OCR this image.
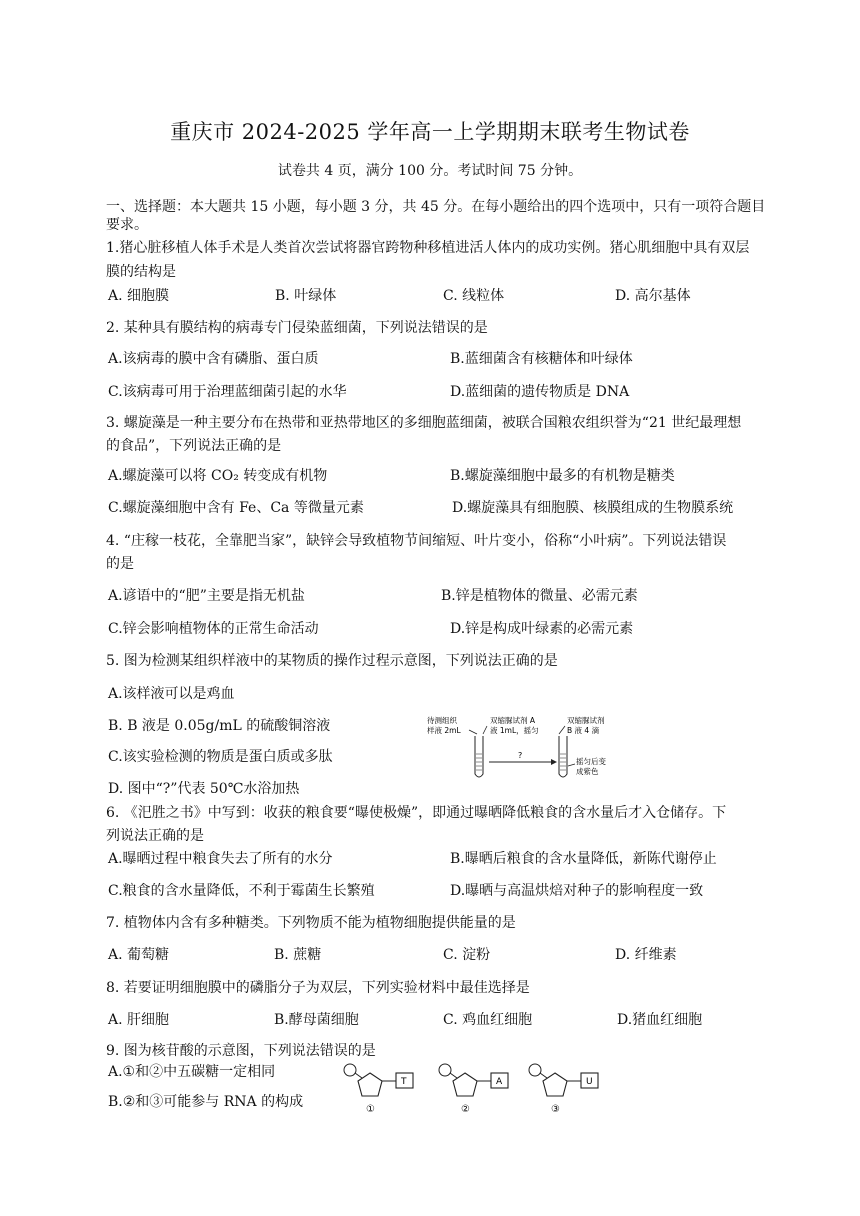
重庆市 2024-2025 学年高一上学期期末联考生物试卷
试卷共 4 页，满分 100 分。考试时间 75 分钟。
一、选择题：本大题共 15 小题，每小题 3 分，共 45 分。在每小题给出的四个选项中，只有一项符合题目
要求。
1.猪心脏移植人体手术是人类首次尝试将器官跨物种移植进活人体内的成功实例。猪心肌细胞中具有双层
膜的结构是
A. 细胞膜	B. 叶绿体	C. 线粒体	D. 高尔基体
2. 某种具有膜结构的病毒专门侵染蓝细菌，下列说法错误的是
A.该病毒的膜中含有磷脂、蛋白质	B.蓝细菌含有核糖体和叶绿体
C.该病毒可用于治理蓝细菌引起的水华	D.蓝细菌的遗传物质是 DNA
3. 螺旋藻是一种主要分布在热带和亚热带地区的多细胞蓝细菌，被联合国粮农组织誉为“21 世纪最理想
的食品”，下列说法正确的是
A.螺旋藻可以将 CO₂ 转变成有机物	B.螺旋藻细胞中最多的有机物是糖类
C.螺旋藻细胞中含有 Fe、Ca 等微量元素	D.螺旋藻具有细胞膜、核膜组成的生物膜系统
4. “庄稼一枝花，全靠肥当家”，缺锌会导致植物节间缩短、叶片变小，俗称“小叶病”。下列说法错误
的是
A.谚语中的“肥”主要是指无机盐	B.锌是植物体的微量、必需元素
C.锌会影响植物体的正常生命活动	D.锌是构成叶绿素的必需元素
5. 图为检测某组织样液中的某物质的操作过程示意图，下列说法正确的是
A.该样液可以是鸡血
B. B 液是 0.05g/mL 的硫酸铜溶液
C.该实验检测的物质是蛋白质或多肽
D. 图中“?”代表 50℃水浴加热
待测组织
样液 2mL
双缩脲试剂 A
液 1mL，摇匀
双缩脲试剂
B 液 4 滴
?
摇匀后变
成紫色
6. 《汜胜之书》中写到：收获的粮食要“曝使极燥”，即通过曝晒降低粮食的含水量后才入仓储存。下
列说法正确的是
A.曝晒过程中粮食失去了所有的水分	B.曝晒后粮食的含水量降低，新陈代谢停止
C.粮食的含水量降低，不利于霉菌生长繁殖	D.曝晒与高温烘焙对种子的影响程度一致
7. 植物体内含有多种糖类。下列物质不能为植物细胞提供能量的是
A. 葡萄糖	B. 蔗糖	C. 淀粉	D. 纤维素
8. 若要证明细胞膜中的磷脂分子为双层，下列实验材料中最佳选择是
A. 肝细胞	B.酵母菌细胞	C. 鸡血红细胞	D.猪血红细胞
9. 图为核苷酸的示意图，下列说法错误的是
A.①和②中五碳糖一定相同
B.②和③可能参与 RNA 的构成
T
①
A
②
U
③
